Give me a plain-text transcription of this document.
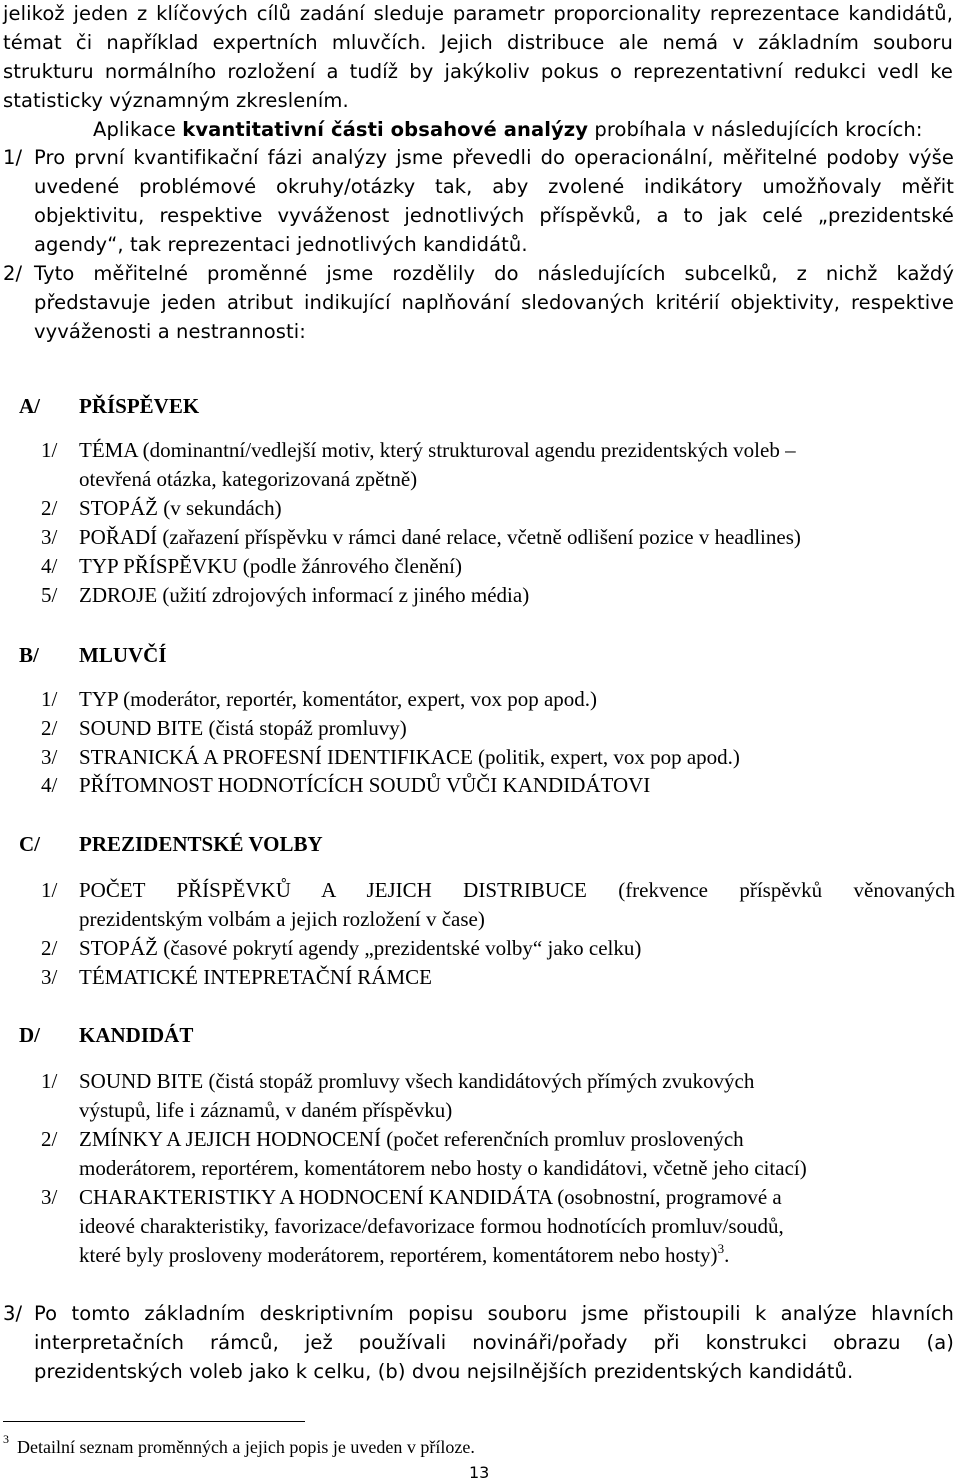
jelikož jeden z klíčových cílů zadání sleduje parametr proporcionality reprezentace kandidátů,
témat či například expertních mluvčích. Jejich distribuce ale nemá v základním souboru
strukturu normálního rozložení a tudíž by jakýkoliv pokus o reprezentativní redukci vedl ke
statisticky významným zkreslením.
Aplikace kvantitativní části obsahové analýzy probíhala v následujících krocích:
1/ Pro první kvantifikační fázi analýzy jsme převedli do operacionální, měřitelné podoby výše
uvedené problémové okruhy/otázky tak, aby zvolené indikátory umožňovaly měřit
objektivitu, respektive vyváženost jednotlivých příspěvků, a to jak celé „prezidentské
agendy“, tak reprezentaci jednotlivých kandidátů.
2/ Tyto měřitelné proměnné jsme rozdělily do následujících subcelků, z nichž každý
představuje jeden atribut indikující naplňování sledovaných kritérií objektivity, respektive
vyváženosti a nestrannosti:
A/ PŘÍSPĚVEK
1/ TÉMA (dominantní/vedlejší motiv, který strukturoval agendu prezidentských voleb –
otevřená otázka, kategorizovaná zpětně)
2/ STOPÁŽ (v sekundách)
3/ POŘADÍ (zařazení příspěvku v rámci dané relace, včetně odlišení pozice v headlines)
4/ TYP PŘÍSPĚVKU (podle žánrového členění)
5/ ZDROJE (užití zdrojových informací z jiného média)
B/ MLUVČÍ
1/ TYP (moderátor, reportér, komentátor, expert, vox pop apod.)
2/ SOUND BITE (čistá stopáž promluvy)
3/ STRANICKÁ A PROFESNÍ IDENTIFIKACE (politik, expert, vox pop apod.)
4/ PŘÍTOMNOST HODNOTÍCÍCH SOUDŮ VŮČI KANDIDÁTOVI
C/ PREZIDENTSKÉ VOLBY
1/ POČET PŘÍSPĚVKŮ A JEJICH DISTRIBUCE (frekvence příspěvků věnovaných
prezidentským volbám a jejich rozložení v čase)
2/ STOPÁŽ (časové pokrytí agendy „prezidentské volby“ jako celku)
3/ TÉMATICKÉ INTEPRETAČNÍ RÁMCE
D/ KANDIDÁT
1/ SOUND BITE (čistá stopáž promluvy všech kandidátových přímých zvukových
výstupů, life i záznamů, v daném příspěvku)
2/ ZMÍNKY A JEJICH HODNOCENÍ (počet referenčních promluv proslovených
moderátorem, reportérem, komentátorem nebo hosty o kandidátovi, včetně jeho citací)
3/ CHARAKTERISTIKY A HODNOCENÍ KANDIDÁTA (osobnostní, programové a
ideové charakteristiky, favorizace/defavorizace formou hodnotících promluv/soudů,
které byly prosloveny moderátorem, reportérem, komentátorem nebo hosty)$^3$.
3/ Po tomto základním deskriptivním popisu souboru jsme přistoupili k analýze hlavních
interpretačních rámců, jež používali novináři/pořady při konstrukci obrazu (a)
prezidentských voleb jako k celku, (b) dvou nejsilnějších prezidentských kandidátů.
3 Detailní seznam proměnných a jejich popis je uveden v příloze.
13
